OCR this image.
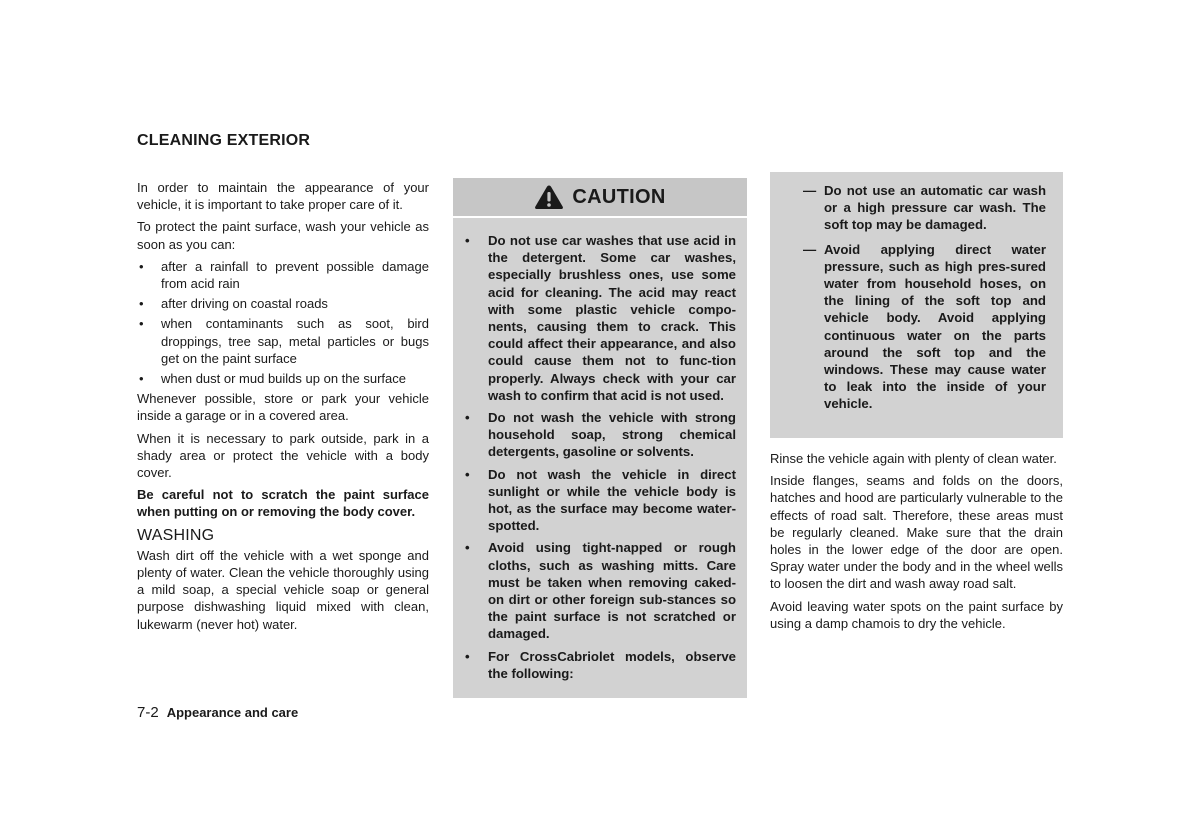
CLEANING EXTERIOR

In order to maintain the appearance of your vehicle, it is important to take proper care of it.

To protect the paint surface, wash your vehicle as soon as you can:

• after a rainfall to prevent possible damage from acid rain
• after driving on coastal roads
• when contaminants such as soot, bird droppings, tree sap, metal particles or bugs get on the paint surface
• when dust or mud builds up on the surface

Whenever possible, store or park your vehicle inside a garage or in a covered area.

When it is necessary to park outside, park in a shady area or protect the vehicle with a body cover.

Be careful not to scratch the paint surface when putting on or removing the body cover.

WASHING

Wash dirt off the vehicle with a wet sponge and plenty of water. Clean the vehicle thoroughly using a mild soap, a special vehicle soap or general purpose dishwashing liquid mixed with clean, lukewarm (never hot) water.

CAUTION
• Do not use car washes that use acid in the detergent. Some car washes, especially brushless ones, use some acid for cleaning. The acid may react with some plastic vehicle compo-nents, causing them to crack. This could affect their appearance, and also could cause them not to func-tion properly. Always check with your car wash to confirm that acid is not used.
• Do not wash the vehicle with strong household soap, strong chemical detergents, gasoline or solvents.
• Do not wash the vehicle in direct sunlight or while the vehicle body is hot, as the surface may become water-spotted.
• Avoid using tight-napped or rough cloths, such as washing mitts. Care must be taken when removing caked-on dirt or other foreign sub-stances so the paint surface is not scratched or damaged.
• For CrossCabriolet models, observe the following:
— Do not use an automatic car wash or a high pressure car wash. The soft top may be damaged.
— Avoid applying direct water pressure, such as high pres-sured water from household hoses, on the lining of the soft top and vehicle body. Avoid applying continuous water on the parts around the soft top and the windows. These may cause water to leak into the inside of your vehicle.

Rinse the vehicle again with plenty of clean water.

Inside flanges, seams and folds on the doors, hatches and hood are particularly vulnerable to the effects of road salt. Therefore, these areas must be regularly cleaned. Make sure that the drain holes in the lower edge of the door are open. Spray water under the body and in the wheel wells to loosen the dirt and wash away road salt.

Avoid leaving water spots on the paint surface by using a damp chamois to dry the vehicle.

7-2 Appearance and care
